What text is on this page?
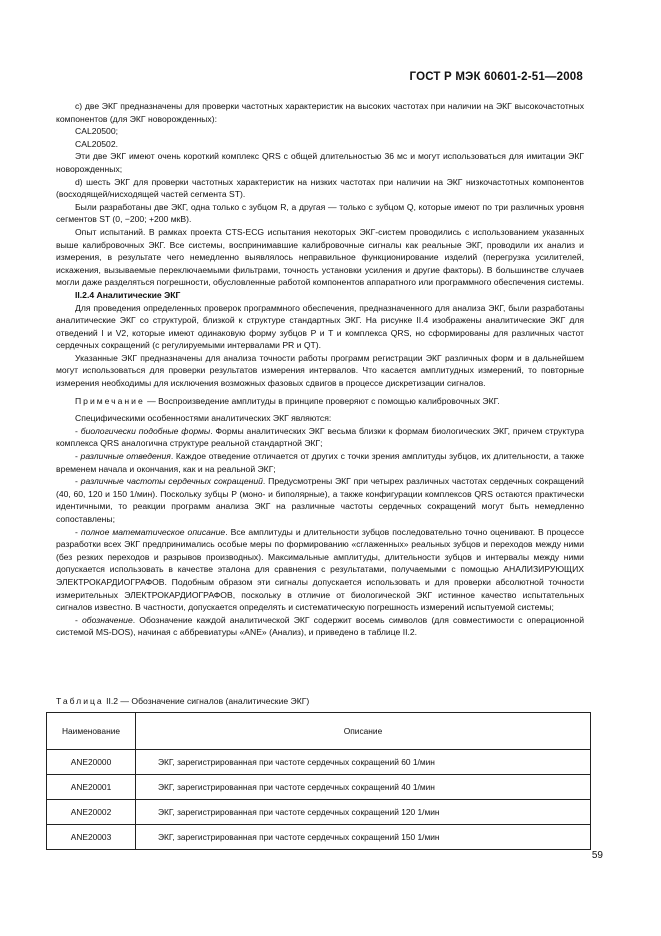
ГОСТ Р МЭК 60601-2-51—2008

c) две ЭКГ предназначены для проверки частотных характеристик на высоких частотах при наличии на ЭКГ высокочастотных компонентов (для ЭКГ новорожденных):

CAL20500;

CAL20502.

Эти две ЭКГ имеют очень короткий комплекс QRS с общей длительностью 36 мс и могут использоваться для имитации ЭКГ новорожденных;

d) шесть ЭКГ для проверки частотных характеристик на низких частотах при наличии на ЭКГ низкочастотных компонентов (восходящей/нисходящей частей сегмента ST).

Были разработаны две ЭКГ, одна только с зубцом R, а другая — только с зубцом Q, которые имеют по три различных уровня сегментов ST (0, −200; +200 мкВ).

Опыт испытаний. В рамках проекта CTS-ECG испытания некоторых ЭКГ-систем проводились с использованием указанных выше калибровочных ЭКГ. Все системы, воспринимавшие калибровочные сигналы как реальные ЭКГ, проводили их анализ и измерения, в результате чего немедленно выявлялось неправильное функционирование изделий (перегрузка усилителей, искажения, вызываемые переключаемыми фильтрами, точность установки усиления и другие факторы). В большинстве случаев могли даже разделяться погрешности, обусловленные работой компонентов аппаратного или программного обеспечения системы.

II.2.4 Аналитические ЭКГ

Для проведения определенных проверок программного обеспечения, предназначенного для анализа ЭКГ, были разработаны аналитические ЭКГ со структурой, близкой к структуре стандартных ЭКГ. На рисунке II.4 изображены аналитические ЭКГ для отведений I и V2, которые имеют одинаковую форму зубцов P и T и комплекса QRS, но сформированы для различных частот сердечных сокращений (с регулируемыми интервалами PR и QT).

Указанные ЭКГ предназначены для анализа точности работы программ регистрации ЭКГ различных форм и в дальнейшем могут использоваться для проверки результатов измерения интервалов. Что касается амплитудных измерений, то повторные измерения необходимы для исключения возможных фазовых сдвигов в процессе дискретизации сигналов.

Примечание — Воспроизведение амплитуды в принципе проверяют с помощью калибровочных ЭКГ.

Специфическими особенностями аналитических ЭКГ являются:

- биологически подобные формы. Формы аналитических ЭКГ весьма близки к формам биологических ЭКГ, причем структура комплекса QRS аналогична структуре реальной стандартной ЭКГ;

- различные отведения. Каждое отведение отличается от других с точки зрения амплитуды зубцов, их длительности, а также временем начала и окончания, как и на реальной ЭКГ;

- различные частоты сердечных сокращений. Предусмотрены ЭКГ при четырех различных частотах сердечных сокращений (40, 60, 120 и 150 1/мин). Поскольку зубцы P (моно- и биполярные), а также конфигурации комплексов QRS остаются практически идентичными, то реакции программ анализа ЭКГ на различные частоты сердечных сокращений могут быть немедленно сопоставлены;

- полное математическое описание. Все амплитуды и длительности зубцов последовательно точно оценивают. В процессе разработки всех ЭКГ предпринимались особые меры по формированию «сглаженных» реальных зубцов и переходов между ними (без резких переходов и разрывов производных). Максимальные амплитуды, длительности зубцов и интервалы между ними допускается использовать в качестве эталона для сравнения с результатами, получаемыми с помощью АНАЛИЗИРУЮЩИХ ЭЛЕКТРОКАРДИОГРАФОВ. Подобным образом эти сигналы допускается использовать и для проверки абсолютной точности измерительных ЭЛЕКТРОКАРДИОГРАФОВ, поскольку в отличие от биологической ЭКГ истинное качество испытательных сигналов известно. В частности, допускается определять и систематическую погрешность измерений испытуемой системы;

- обозначение. Обозначение каждой аналитической ЭКГ содержит восемь символов (для совместимости с операционной системой MS-DOS), начиная с аббревиатуры «ANE» (Анализ), и приведено в таблице II.2.

Таблица II.2 — Обозначение сигналов (аналитические ЭКГ)
Наименование	Описание
ANE20000	ЭКГ, зарегистрированная при частоте сердечных сокращений 60 1/мин
ANE20001	ЭКГ, зарегистрированная при частоте сердечных сокращений 40 1/мин
ANE20002	ЭКГ, зарегистрированная при частоте сердечных сокращений 120 1/мин
ANE20003	ЭКГ, зарегистрированная при частоте сердечных сокращений 150 1/мин
59
